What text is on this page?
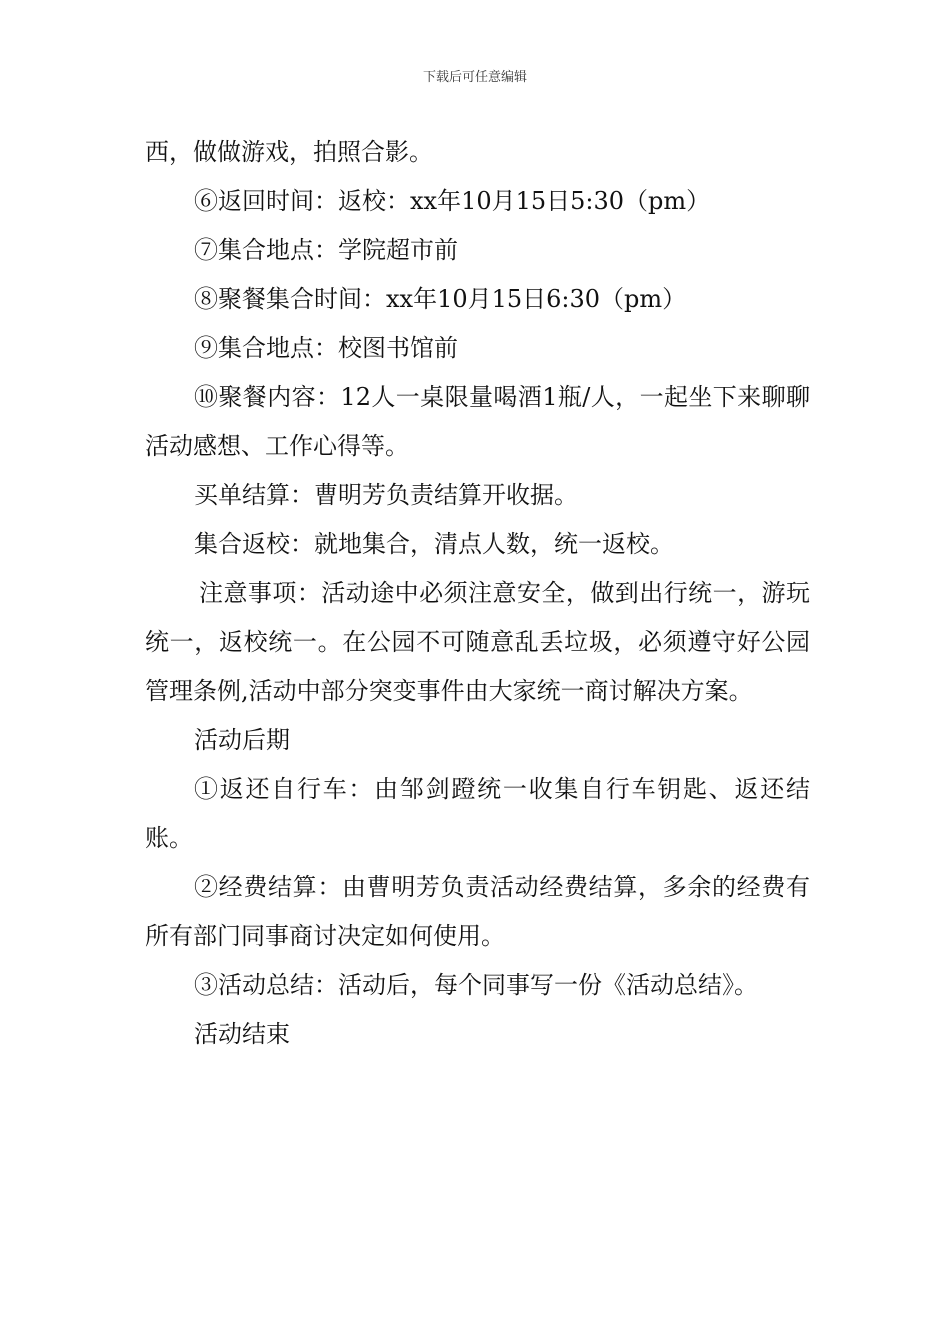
下载后可任意编辑

西，做做游戏，拍照合影。

⑥返回时间：返校：xx年10月15日5:30（pm）

⑦集合地点：学院超市前

⑧聚餐集合时间：xx年10月15日6:30（pm）

⑨集合地点：校图书馆前

⑩聚餐内容：12人一桌限量喝酒1瓶/人，一起坐下来聊聊活动感想、工作心得等。

买单结算：曹明芳负责结算开收据。

集合返校：就地集合，清点人数，统一返校。

注意事项：活动途中必须注意安全，做到出行统一，游玩统一，返校统一。在公园不可随意乱丢垃圾，必须遵守好公园管理条例,活动中部分突变事件由大家统一商讨解决方案。

活动后期

①返还自行车：由邹剑蹬统一收集自行车钥匙、返还结账。

②经费结算：由曹明芳负责活动经费结算，多余的经费有所有部门同事商讨决定如何使用。

③活动总结：活动后，每个同事写一份《活动总结》。

活动结束
